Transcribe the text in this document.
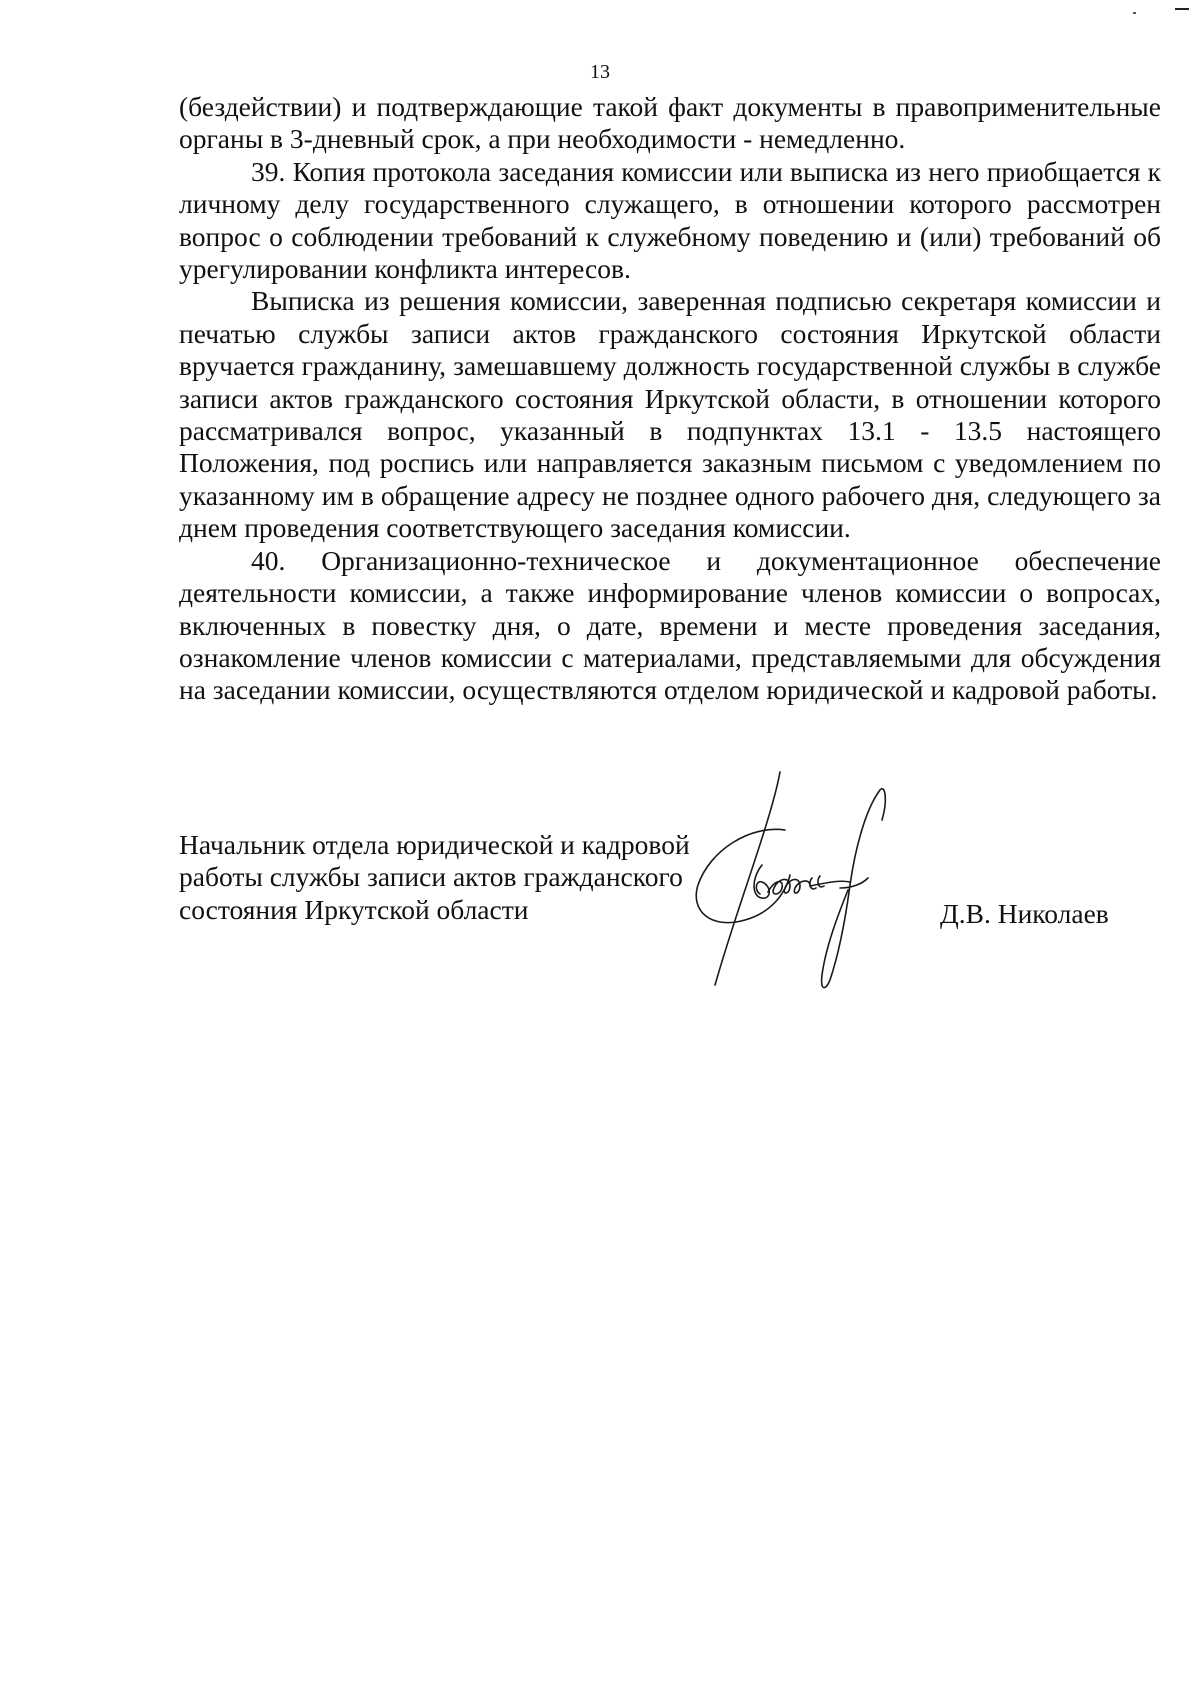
13

(бездействии) и подтверждающие такой факт документы в правоприменительные органы в 3-дневный срок, а при необходимости - немедленно.

39. Копия протокола заседания комиссии или выписка из него приобщается к личному делу государственного служащего, в отношении которого рассмотрен вопрос о соблюдении требований к служебному поведению и (или) требований об урегулировании конфликта интересов.

Выписка из решения комиссии, заверенная подписью секретаря комиссии и печатью службы записи актов гражданского состояния Иркутской области вручается гражданину, замешавшему должность государственной службы в службе записи актов гражданского состояния Иркутской области, в отношении которого рассматривался вопрос, указанный в подпунктах 13.1 - 13.5 настоящего Положения, под роспись или направляется заказным письмом с уведомлением по указанному им в обращение адресу не позднее одного рабочего дня, следующего за днем проведения соответствующего заседания комиссии.

40. Организационно-техническое и документационное обеспечение деятельности комиссии, а также информирование членов комиссии о вопросах, включенных в повестку дня, о дате, времени и месте проведения заседания, ознакомление членов комиссии с материалами, представляемыми для обсуждения на заседании комиссии, осуществляются отделом юридической и кадровой работы.

Начальник отдела юридической и кадровой
работы службы записи актов гражданского
состояния Иркутской области	Д.В. Николаев
